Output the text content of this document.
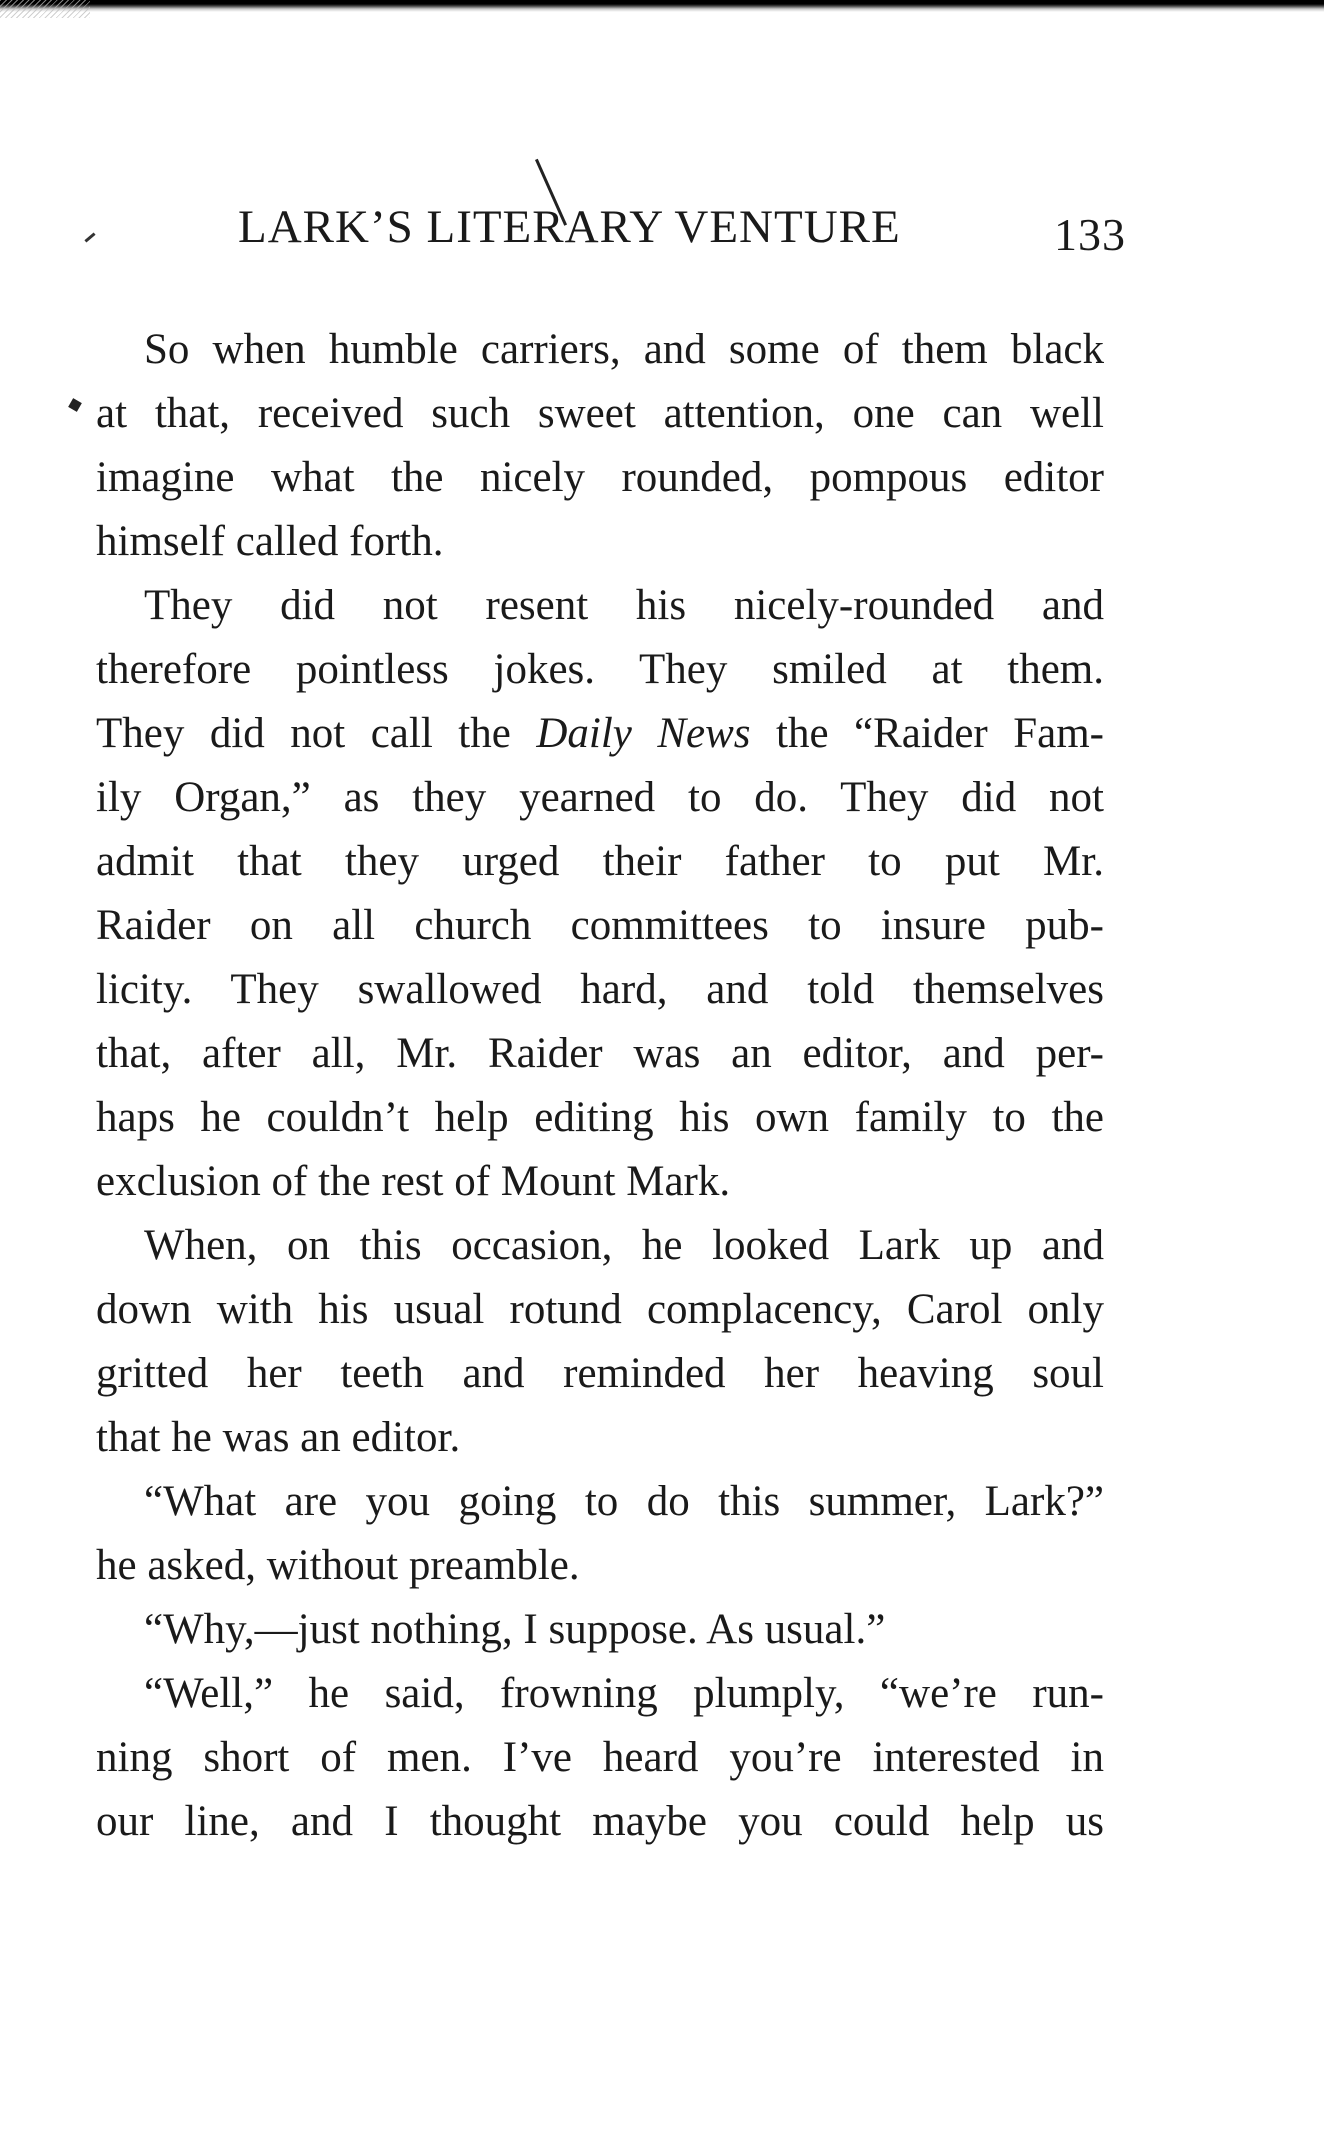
LARK’S LITERARY VENTURE	133
So when humble carriers, and some of them black
at that, received such sweet attention, one can well
imagine what the nicely rounded, pompous editor
himself called forth.
They did not resent his nicely-rounded and
therefore pointless jokes. They smiled at them.
They did not call the Daily News the “Raider Fam-
ily Organ,” as they yearned to do. They did not
admit that they urged their father to put Mr.
Raider on all church committees to insure pub-
licity. They swallowed hard, and told themselves
that, after all, Mr. Raider was an editor, and per-
haps he couldn’t help editing his own family to the
exclusion of the rest of Mount Mark.
When, on this occasion, he looked Lark up and
down with his usual rotund complacency, Carol only
gritted her teeth and reminded her heaving soul
that he was an editor.
“What are you going to do this summer, Lark?”
he asked, without preamble.
“Why,—just nothing, I suppose. As usual.”
“Well,” he said, frowning plumply, “we’re run-
ning short of men. I’ve heard you’re interested in
our line, and I thought maybe you could help us
